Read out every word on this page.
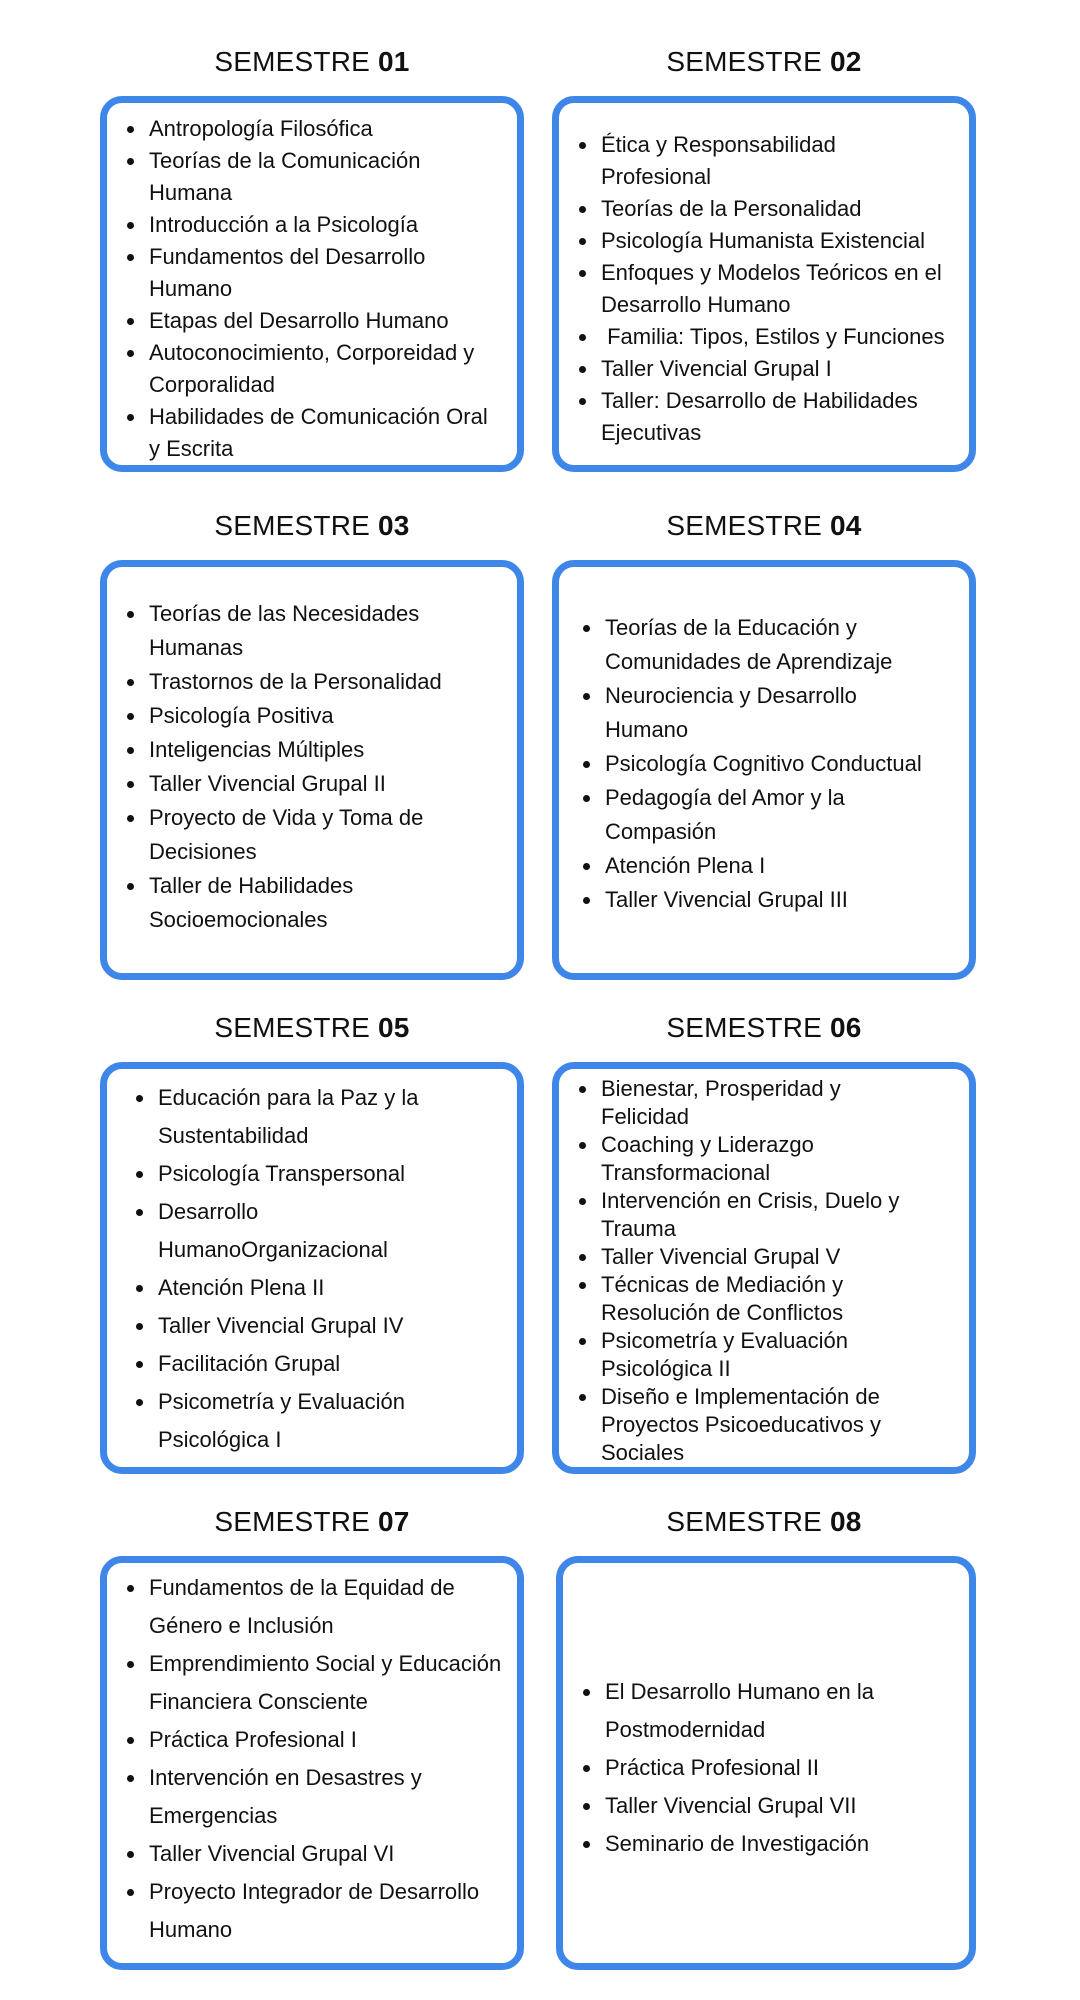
SEMESTRE 01
Antropología Filosófica
Teorías de la Comunicación Humana
Introducción a la Psicología
Fundamentos del Desarrollo Humano
Etapas del Desarrollo Humano
Autoconocimiento, Corporeidad y Corporalidad
Habilidades de Comunicación Oral y Escrita
SEMESTRE 02
Ética y Responsabilidad Profesional
Teorías de la Personalidad
Psicología Humanista Existencial
Enfoques y Modelos Teóricos en el Desarrollo Humano
Familia: Tipos, Estilos y Funciones
Taller Vivencial Grupal I
Taller: Desarrollo de Habilidades Ejecutivas
SEMESTRE 03
Teorías de las Necesidades Humanas
Trastornos de la Personalidad
Psicología Positiva
Inteligencias Múltiples
Taller Vivencial Grupal II
Proyecto de Vida y Toma de Decisiones
Taller de Habilidades Socioemocionales
SEMESTRE 04
Teorías de la Educación y Comunidades de Aprendizaje
Neurociencia y Desarrollo Humano
Psicología Cognitivo Conductual
Pedagogía del Amor y la Compasión
Atención Plena I
Taller Vivencial Grupal III
SEMESTRE 05
Educación para la Paz y la Sustentabilidad
Psicología Transpersonal
Desarrollo HumanoOrganizacional
Atención Plena II
Taller Vivencial Grupal IV
Facilitación Grupal
Psicometría y Evaluación Psicológica I
SEMESTRE 06
Bienestar, Prosperidad y Felicidad
Coaching y Liderazgo Transformacional
Intervención en Crisis, Duelo y Trauma
Taller Vivencial Grupal V
Técnicas de Mediación y Resolución de Conflictos
Psicometría y Evaluación Psicológica II
Diseño e Implementación de Proyectos Psicoeducativos y Sociales
SEMESTRE 07
Fundamentos de la Equidad de Género e Inclusión
Emprendimiento Social y Educación Financiera Consciente
Práctica Profesional I
Intervención en Desastres y Emergencias
Taller Vivencial Grupal VI
Proyecto Integrador de Desarrollo Humano
SEMESTRE 08
El Desarrollo Humano en la Postmodernidad
Práctica Profesional II
Taller Vivencial Grupal VII
Seminario de Investigación
